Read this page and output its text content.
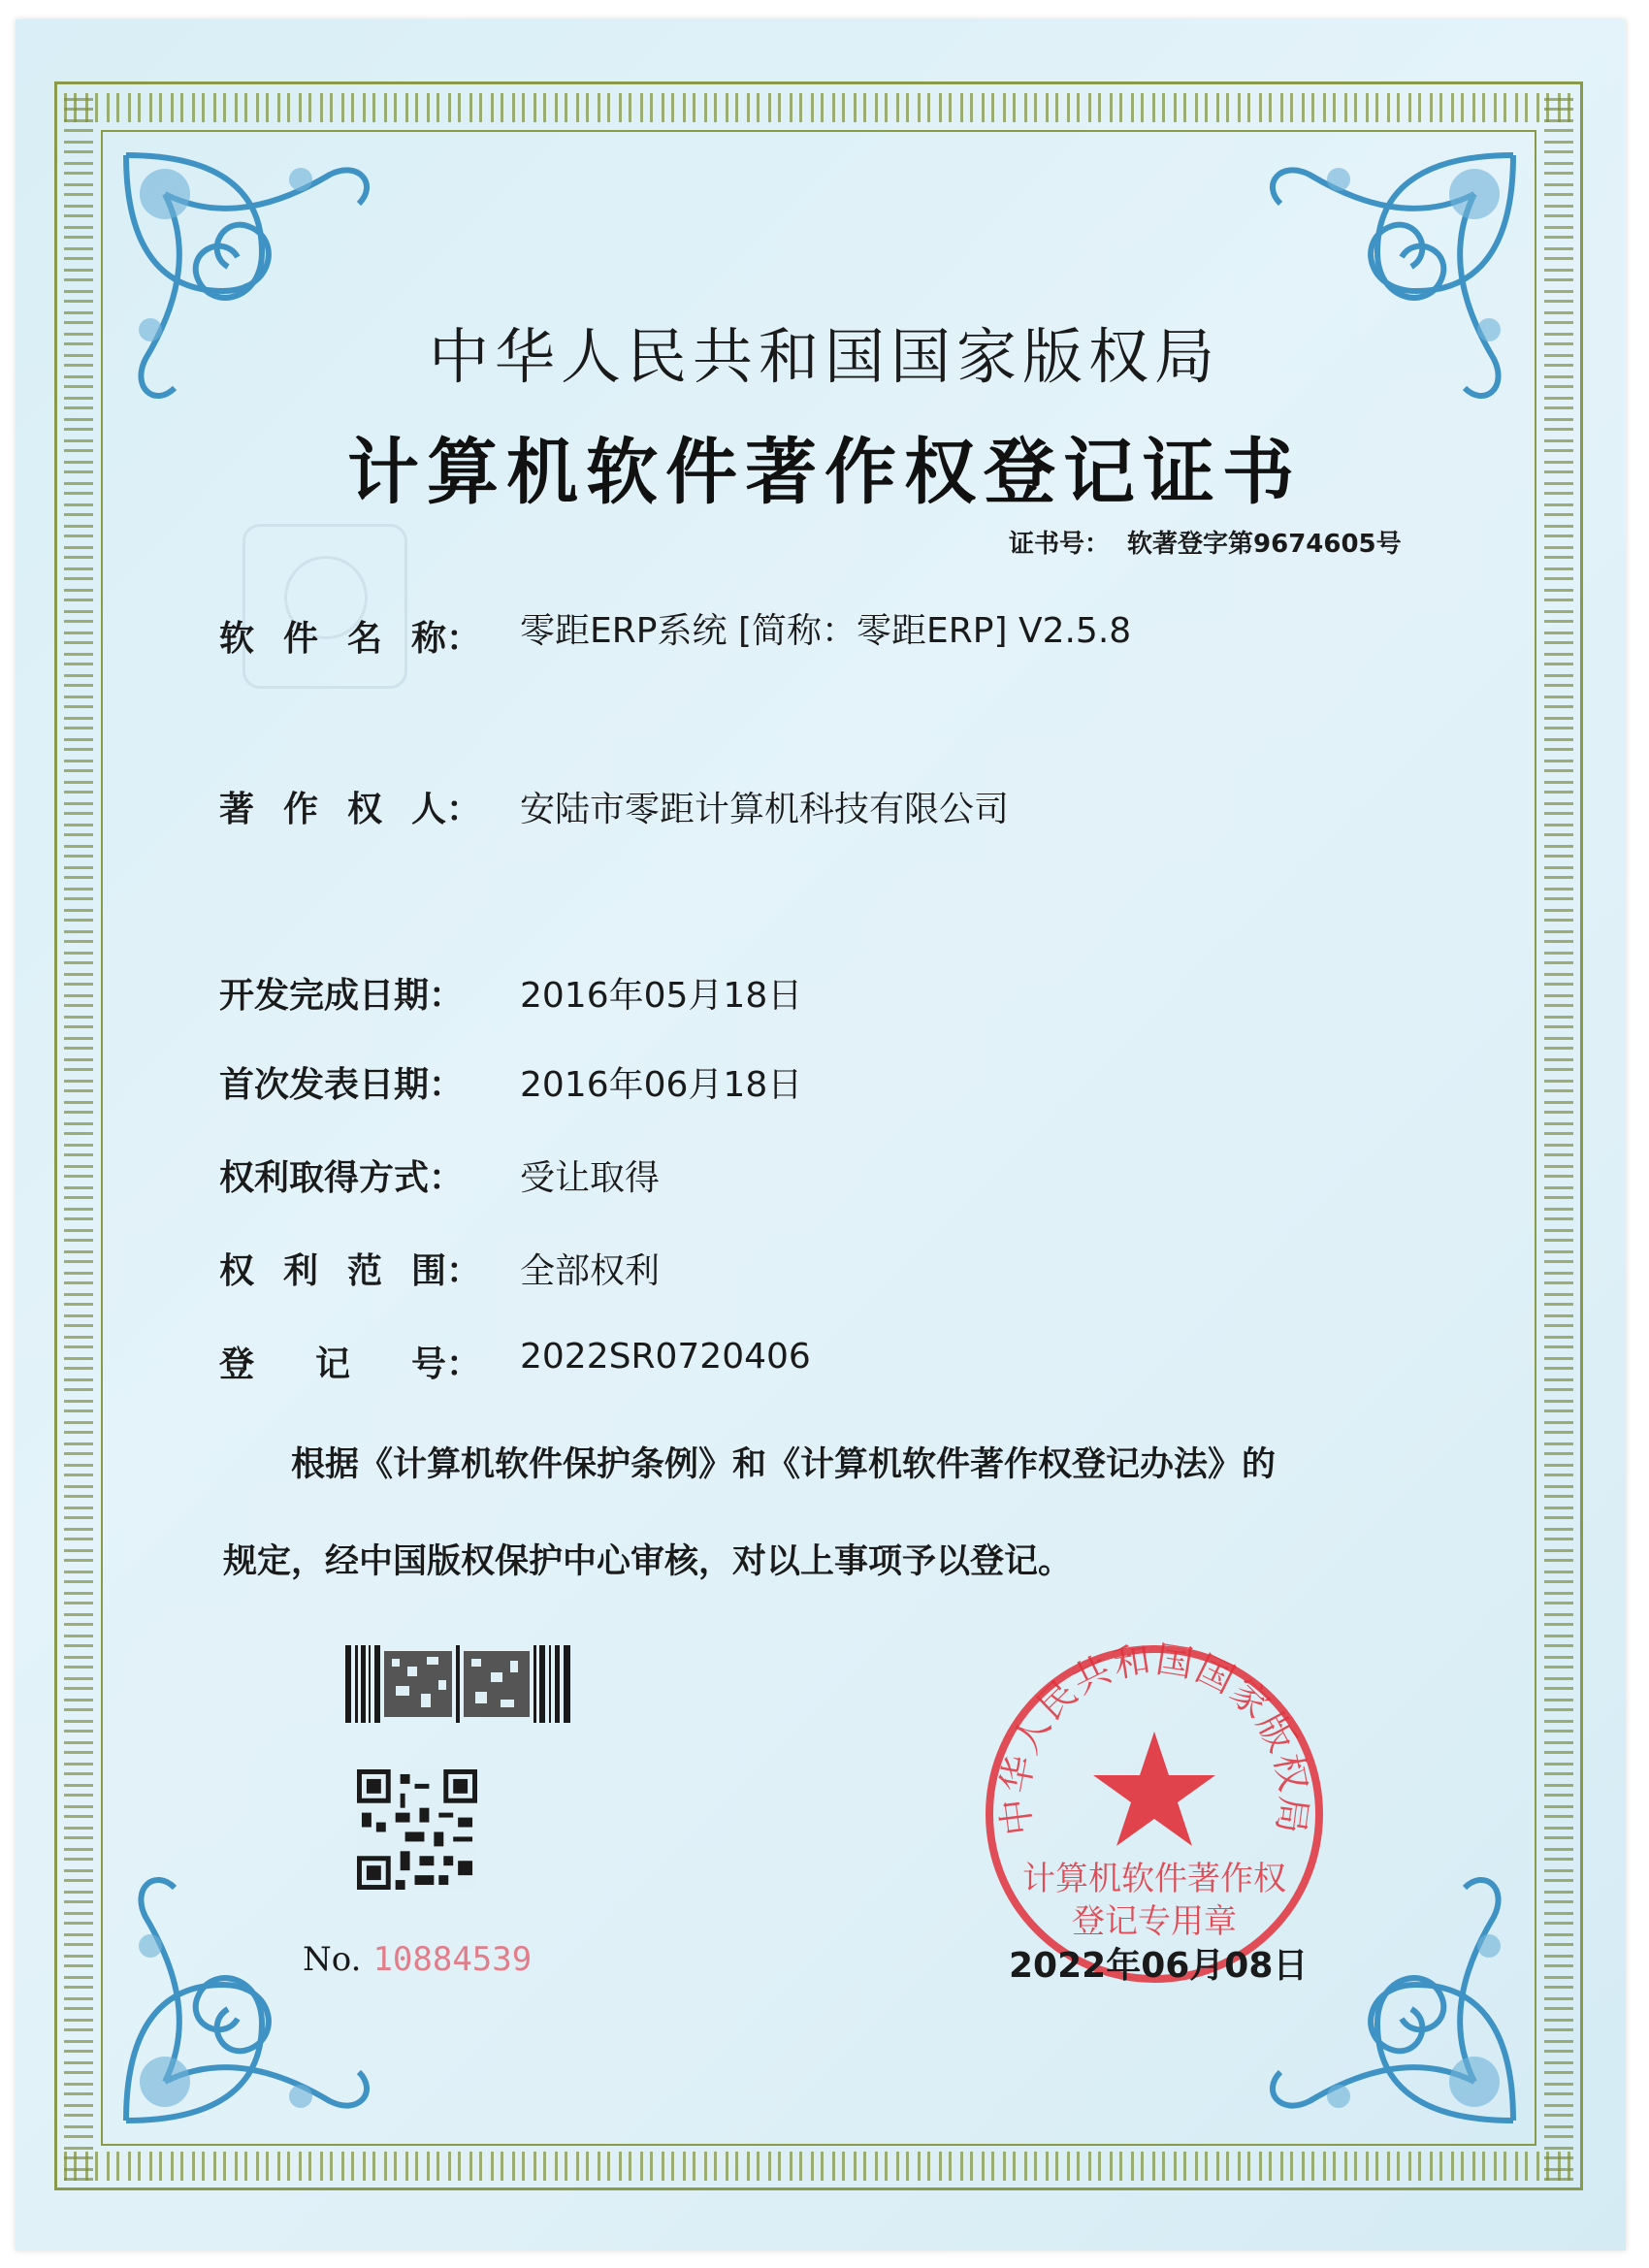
中华人民共和国国家版权局
计算机软件著作权登记证书
证书号： 软著登字第9674605号
软 件 名 称： 零距ERP系统 [简称：零距ERP] V2.5.8
著 作 权 人： 安陆市零距计算机科技有限公司
开发完成日期： 2016年05月18日
首次发表日期： 2016年06月18日
权利取得方式： 受让取得
权 利 范 围： 全部权利
登 记 号： 2022SR0720406
根据《计算机软件保护条例》和《计算机软件著作权登记办法》的
规定，经中国版权保护中心审核，对以上事项予以登记。
No. 10884539
中华人民共和国国家版权局
计算机软件著作权
登记专用章
2022年06月08日
